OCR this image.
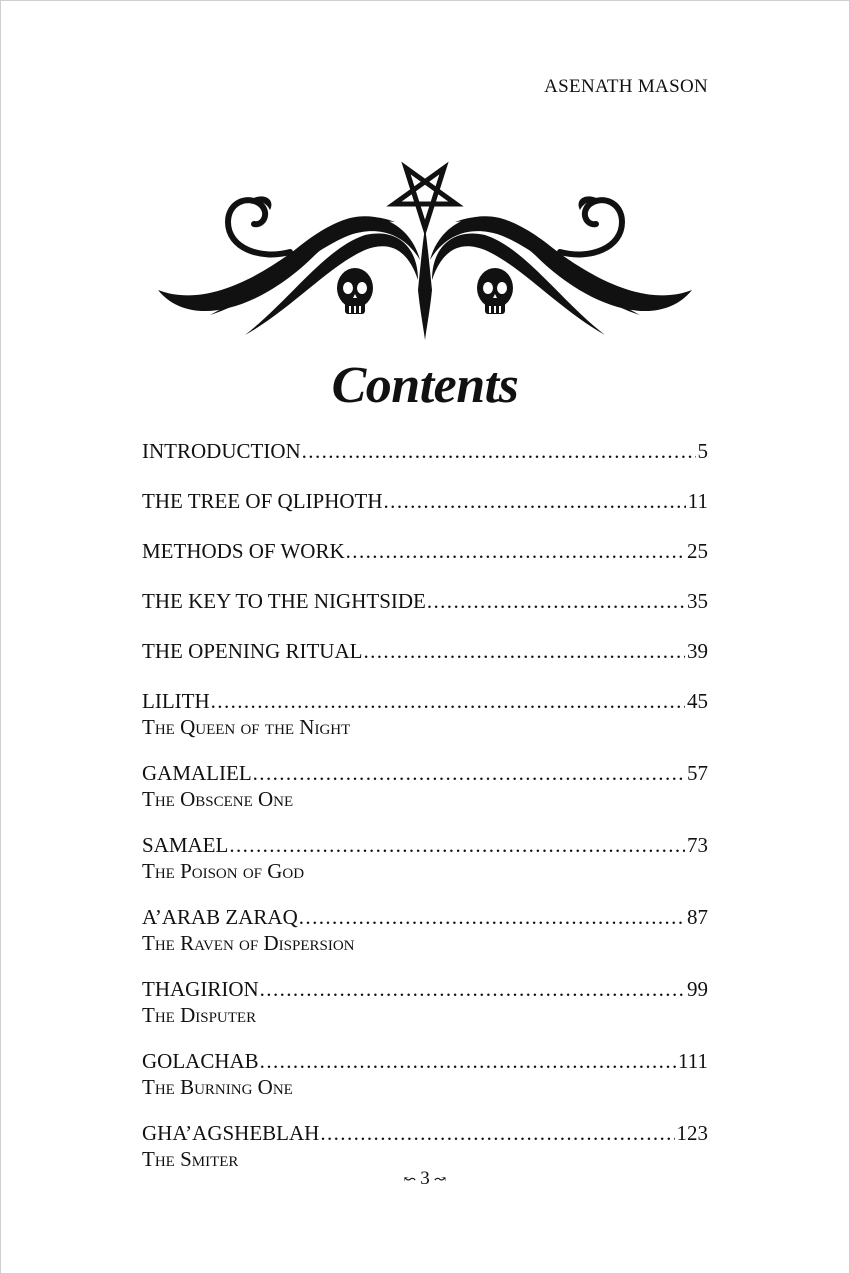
ASENATH MASON
Contents
INTRODUCTION .....	5
THE TREE OF QLIPHOTH .....	11
METHODS OF WORK .....	25
THE KEY TO THE NIGHTSIDE .....	35
THE OPENING RITUAL .....	39
LILITH .....	45
The Queen of the Night
GAMALIEL .....	57
The Obscene One
SAMAEL .....	73
The Poison of God
A’ARAB ZARAQ .....	87
The Raven of Dispersion
THAGIRION .....	99
The Disputer
GOLACHAB .....	111
The Burning One
GHA’AGSHEBLAH .....	123
The Smiter
↜ 3 ↝
